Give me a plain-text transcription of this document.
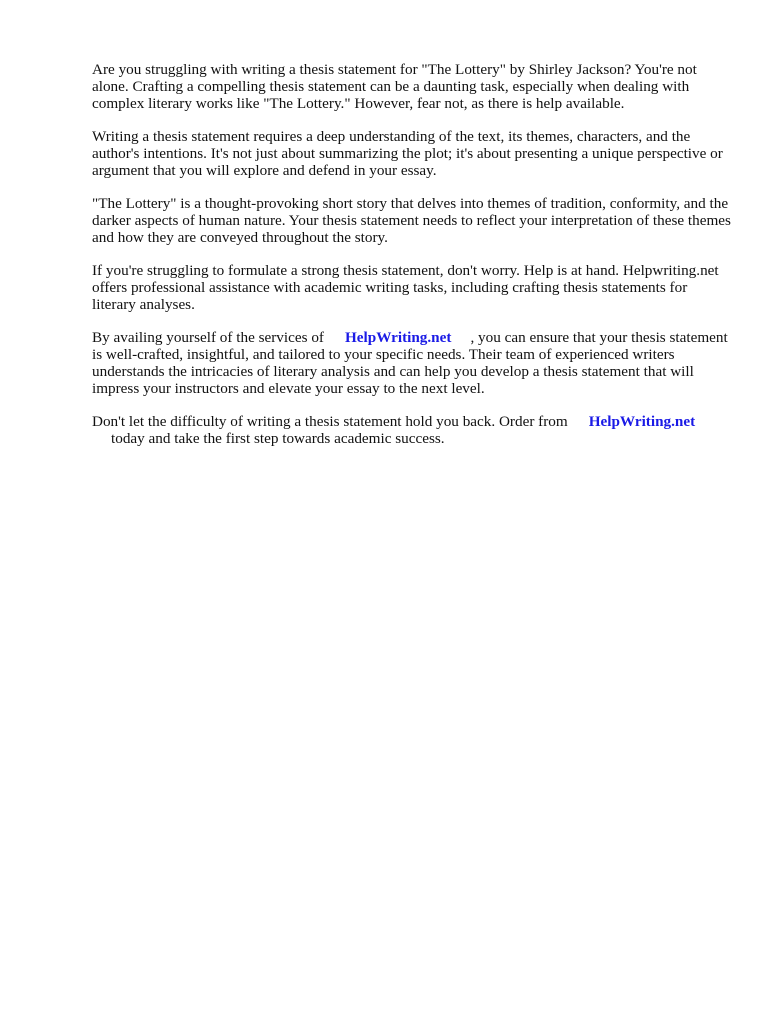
Are you struggling with writing a thesis statement for "The Lottery" by Shirley Jackson? You're not alone. Crafting a compelling thesis statement can be a daunting task, especially when dealing with complex literary works like "The Lottery." However, fear not, as there is help available.

Writing a thesis statement requires a deep understanding of the text, its themes, characters, and the author's intentions. It's not just about summarizing the plot; it's about presenting a unique perspective or argument that you will explore and defend in your essay.

"The Lottery" is a thought-provoking short story that delves into themes of tradition, conformity, and the darker aspects of human nature. Your thesis statement needs to reflect your interpretation of these themes and how they are conveyed throughout the story.

If you're struggling to formulate a strong thesis statement, don't worry. Help is at hand. Helpwriting.net offers professional assistance with academic writing tasks, including crafting thesis statements for literary analyses.

By availing yourself of the services of HelpWriting.net , you can ensure that your thesis statement is well-crafted, insightful, and tailored to your specific needs. Their team of experienced writers understands the intricacies of literary analysis and can help you develop a thesis statement that will impress your instructors and elevate your essay to the next level.

Don't let the difficulty of writing a thesis statement hold you back. Order from HelpWriting.net
today and take the first step towards academic success.
